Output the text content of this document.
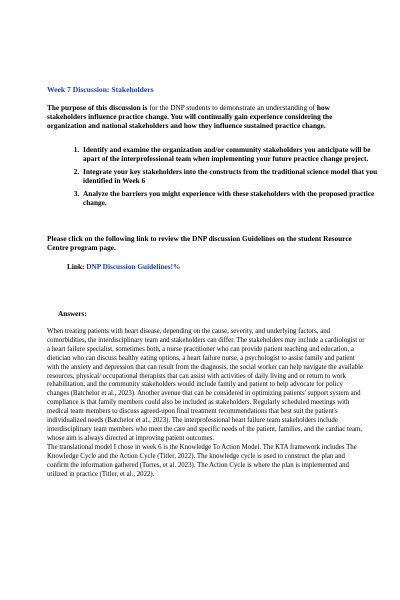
Week 7 Discussion: Stakeholders
The purpose of this discussion is for the DNP students to demonstrate an understanding of how stakeholders influence practice change. You will continually gain experience considering the organization and national stakeholders and how they influence sustained practice change.
1. Identify and examine the organization and/or community stakeholders you anticipate will be apart of the interprofessional team when implementing your future practice change project.
2. Integrate your key stakeholders into the constructs from the traditional science model that you identified in Week 6
3. Analyze the barriers you might experience with these stakeholders with the proposed practice change.
Please click on the following link to review the DNP discussion Guidelines on the student Resource Centre program page.
Link: DNP Discussion Guidelines!%
Answers:

When treating patients with heart disease, depending on the cause, severity, and underlying factors, and comorbidities, the interdisciplinary team and stakeholders can differ. The stakeholders may include a cardiologist or a heart failure specialist, sometimes both, a nurse practitioner who can provide patient teaching and education, a dietician who can discuss healthy eating options, a heart failure nurse, a psychologist to assist family and patient with the anxiety and depression that can result from the diagnosis, the social worker can help navigate the available resources, physical/ occupational therapists that can assist with activities of daily living and or return to work rehabilitation, and the community stakeholders would include family and patient to help advocate for policy changes (Batchelor et al., 2023). Another avenue that can be considered in optimizing patients' support system and compliance is that family members could also be included as stakeholders. Regularly scheduled meetings with medical team members to discuss agreed-upon final treatment recommendations that best suit the patient's individualized needs (Batchelor et al., 2023). The interprofessional heart failure team stakeholders include interdisciplinary team members who meet the care and specific needs of the patient, families, and the cardiac team, whose aim is always directed at improving patient outcomes.

The translational model I chose in week 6 is the Knowledge To Action Model. The KTA framework includes The Knowledge Cycle and the Action Cycle (Titler, 2022). The knowledge cycle is used to construct the plan and confirm the information gathered (Torres, et al. 2023). The Action Cycle is where the plan is implemented and utilized in practice (Titler, et al., 2022).
